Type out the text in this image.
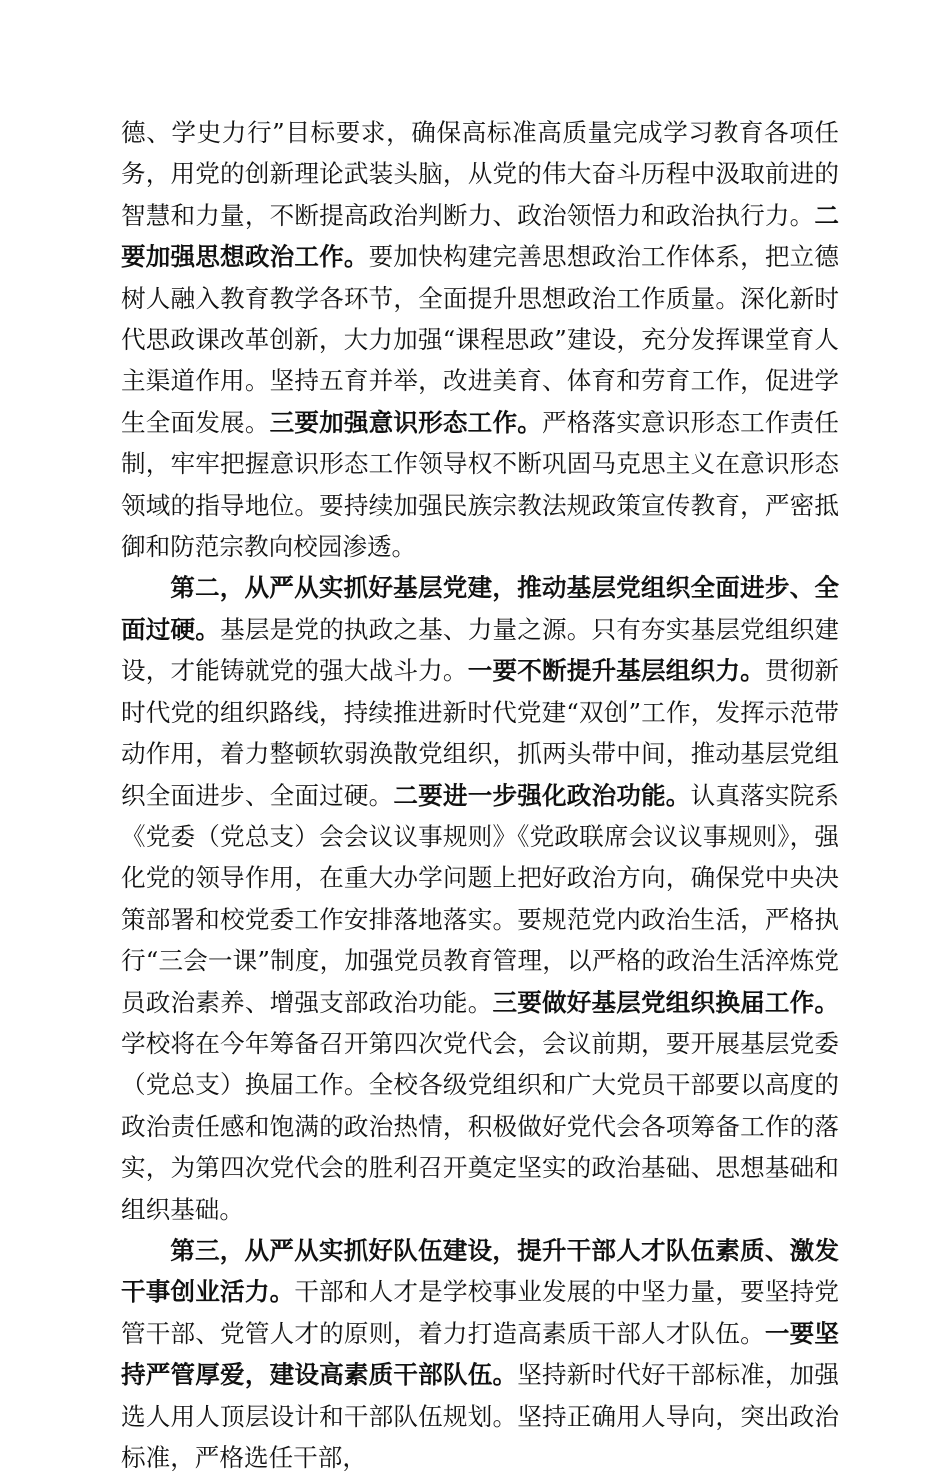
德、学史力行”目标要求，确保高标准高质量完成学习教育各项任务，用党的创新理论武装头脑，从党的伟大奋斗历程中汲取前进的智慧和力量，不断提高政治判断力、政治领悟力和政治执行力。二要加强思想政治工作。要加快构建完善思想政治工作体系，把立德树人融入教育教学各环节，全面提升思想政治工作质量。深化新时代思政课改革创新，大力加强“课程思政”建设，充分发挥课堂育人主渠道作用。坚持五育并举，改进美育、体育和劳育工作，促进学生全面发展。三要加强意识形态工作。严格落实意识形态工作责任制，牢牢把握意识形态工作领导权不断巩固马克思主义在意识形态领域的指导地位。要持续加强民族宗教法规政策宣传教育，严密抵御和防范宗教向校园渗透。

第二，从严从实抓好基层党建，推动基层党组织全面进步、全面过硬。基层是党的执政之基、力量之源。只有夯实基层党组织建设，才能铸就党的强大战斗力。一要不断提升基层组织力。贯彻新时代党的组织路线，持续推进新时代党建“双创”工作，发挥示范带动作用，着力整顿软弱涣散党组织，抓两头带中间，推动基层党组织全面进步、全面过硬。二要进一步强化政治功能。认真落实院系《党委（党总支）会会议议事规则》《党政联席会议议事规则》，强化党的领导作用，在重大办学问题上把好政治方向，确保党中央决策部署和校党委工作安排落地落实。要规范党内政治生活，严格执行“三会一课”制度，加强党员教育管理，以严格的政治生活淬炼党员政治素养、增强支部政治功能。三要做好基层党组织换届工作。学校将在今年筹备召开第四次党代会，会议前期，要开展基层党委（党总支）换届工作。全校各级党组织和广大党员干部要以高度的政治责任感和饱满的政治热情，积极做好党代会各项筹备工作的落实，为第四次党代会的胜利召开奠定坚实的政治基础、思想基础和组织基础。

第三，从严从实抓好队伍建设，提升干部人才队伍素质、激发干事创业活力。干部和人才是学校事业发展的中坚力量，要坚持党管干部、党管人才的原则，着力打造高素质干部人才队伍。一要坚持严管厚爱，建设高素质干部队伍。坚持新时代好干部标准，加强选人用人顶层设计和干部队伍规划。坚持正确用人导向，突出政治标准，严格选任干部，
